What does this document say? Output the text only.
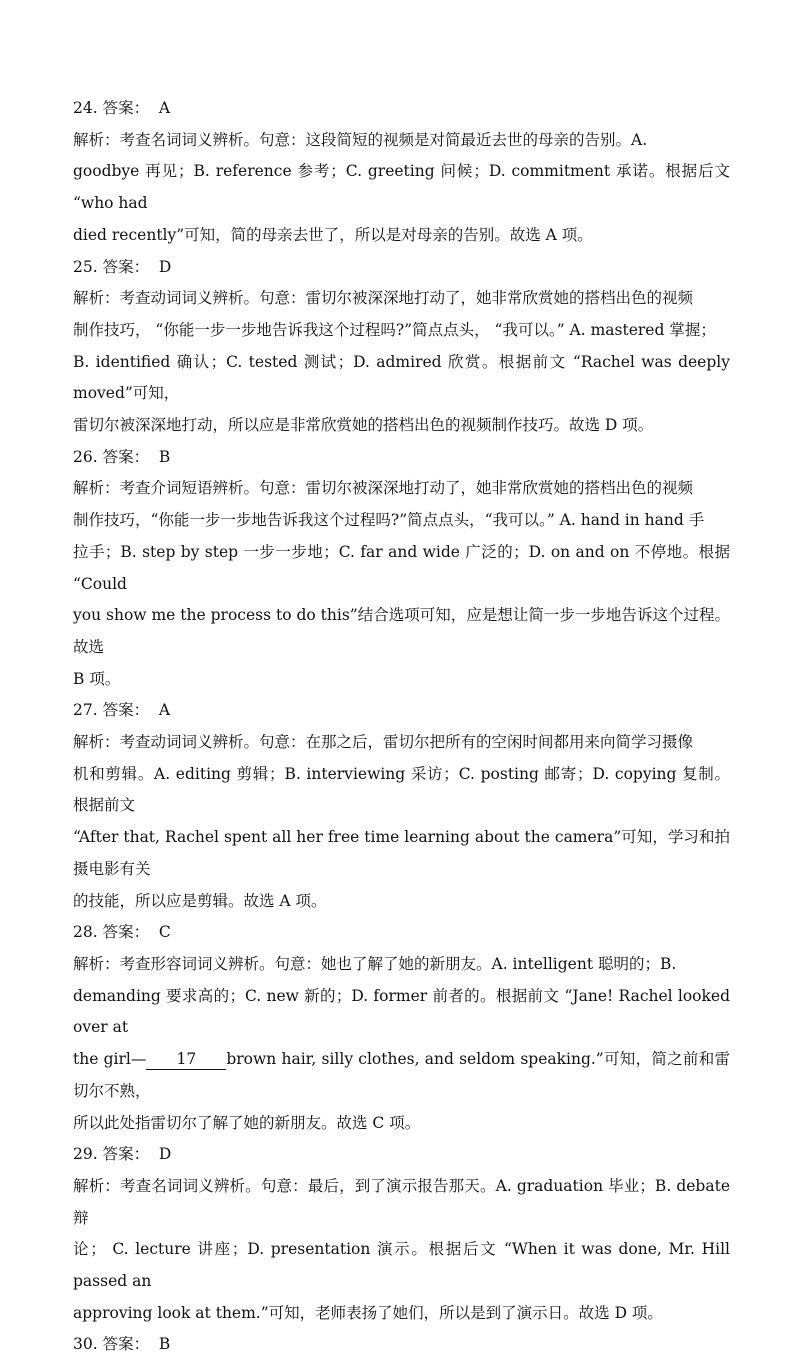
24. 答案：  A

解析：考查名词词义辨析。句意：这段简短的视频是对简最近去世的母亲的告别。A.

goodbye 再见；B. reference 参考；C. greeting 问候；D. commitment 承诺。根据后文 “who had

died recently”可知，简的母亲去世了，所以是对母亲的告别。故选 A 项。

25. 答案：  D

解析：考查动词词义辨析。句意：雷切尔被深深地打动了，她非常欣赏她的搭档出色的视频

制作技巧， “你能一步一步地告诉我这个过程吗?”简点点头， “我可以。” A. mastered 掌握；

B. identified 确认；C. tested 测试；D. admired 欣赏。根据前文 “Rachel was deeply moved”可知，

雷切尔被深深地打动，所以应是非常欣赏她的搭档出色的视频制作技巧。故选 D 项。

26. 答案：  B

解析：考查介词短语辨析。句意：雷切尔被深深地打动了，她非常欣赏她的搭档出色的视频

制作技巧，“你能一步一步地告诉我这个过程吗?”简点点头，“我可以。” A. hand in hand 手

拉手；B. step by step 一步一步地；C. far and wide 广泛的；D. on and on 不停地。根据 “Could

you show me the process to do this”结合选项可知，应是想让简一步一步地告诉这个过程。故选

B 项。

27. 答案：  A

解析：考查动词词义辨析。句意：在那之后，雷切尔把所有的空闲时间都用来向简学习摄像

机和剪辑。A. editing 剪辑；B. interviewing 采访；C. posting 邮寄；D. copying 复制。根据前文

“After that, Rachel spent all her free time learning about the camera”可知，学习和拍摄电影有关

的技能，所以应是剪辑。故选 A 项。

28. 答案：  C

解析：考查形容词词义辨析。句意：她也了解了她的新朋友。A. intelligent 聪明的；B.

demanding 要求高的；C. new 新的；D. former 前者的。根据前文 “Jane! Rachel looked over at

the girl— 17 brown hair, silly clothes, and seldom speaking.”可知，简之前和雷切尔不熟，

所以此处指雷切尔了解了她的新朋友。故选 C 项。

29. 答案：  D

解析：考查名词词义辨析。句意：最后，到了演示报告那天。A. graduation 毕业；B. debate 辩

论； C. lecture 讲座；D. presentation 演示。根据后文 “When it was done, Mr. Hill passed an

approving look at them.”可知，老师表扬了她们，所以是到了演示日。故选 D 项。

30. 答案：  B
